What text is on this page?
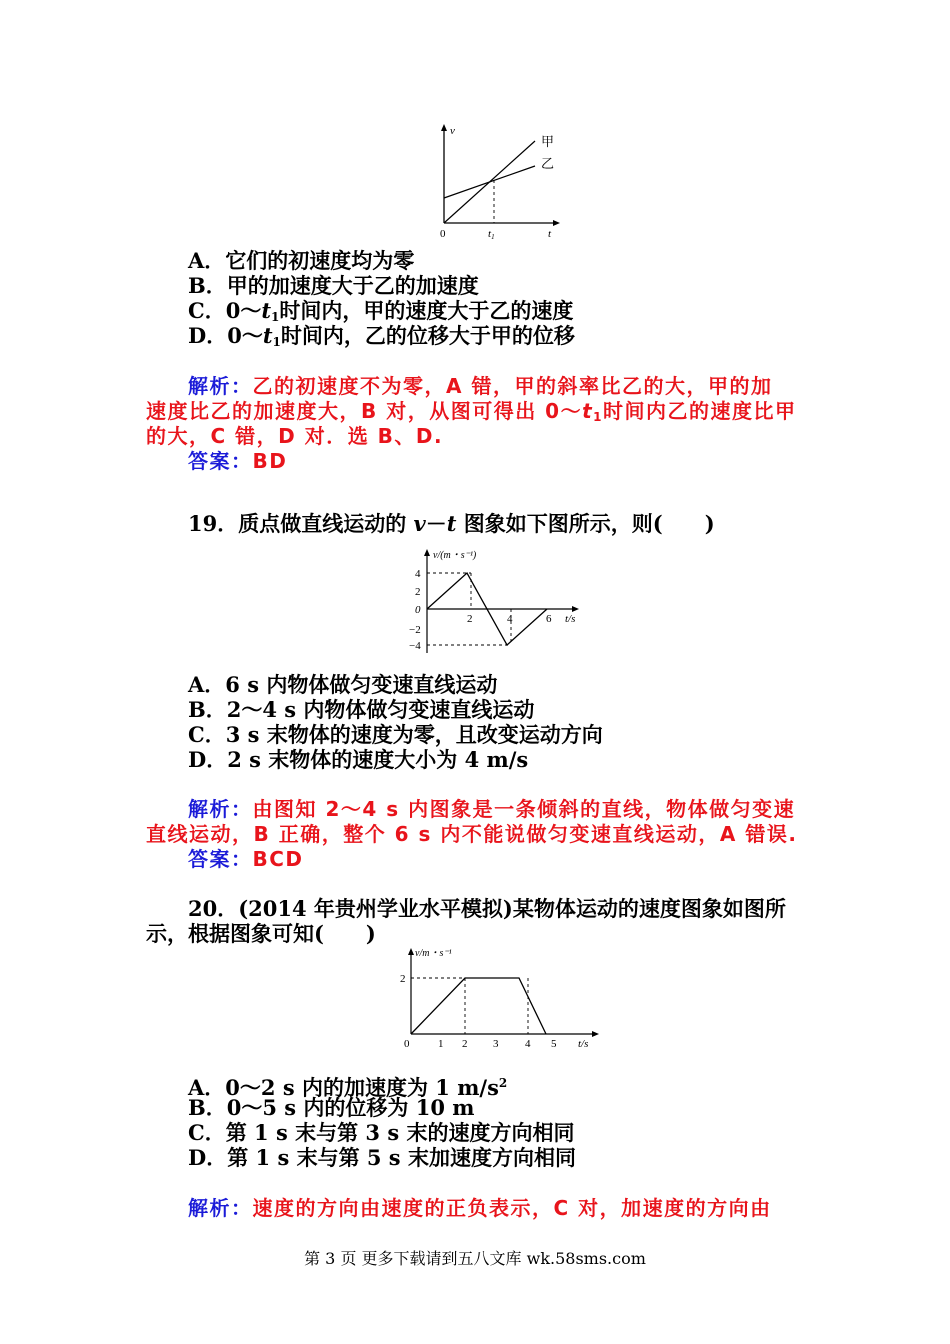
v
0	t1	t
甲
乙
A．它们的初速度均为零
B．甲的加速度大于乙的加速度
C．$0\sim t_1$时间内，甲的速度大于乙的速度
D．$0\sim t_1$时间内，乙的位移大于甲的位移
解析：乙的初速度不为零，A 错，甲的斜率比乙的大，甲的加
速度比乙的加速度大，B 对，从图可得出 $0\sim t_1$时间内乙的速度比甲
的大，C 错，D 对．选 B、D.
答案：BD
19．质点做直线运动的 v－t 图象如下图所示，则(　　)
v/(m・s⁻¹)
4
2
0
−2
−4
2	4	6 t/s
A．6 s 内物体做匀变速直线运动
B．2～4 s 内物体做匀变速直线运动
C．3 s 末物体的速度为零，且改变运动方向
D．2 s 末物体的速度大小为 4 m/s
解析：由图知 2～4 s 内图象是一条倾斜的直线，物体做匀变速
直线运动，B 正确，整个 6 s 内不能说做匀变速直线运动，A 错误.
答案：BCD
20．(2014 年贵州学业水平模拟)某物体运动的速度图象如图所
示，根据图象可知(　　)
v/m・s⁻¹
2
0	1 2 3 4 5 t/s
A．0～2 s 内的加速度为 1 $m/s^2$
B．0～5 s 内的位移为 10 m
C．第 1 s 末与第 3 s 末的速度方向相同
D．第 1 s 末与第 5 s 末加速度方向相同
解析：速度的方向由速度的正负表示，C 对，加速度的方向由
第 3 页 更多下载请到五八文库 wk.58sms.com
